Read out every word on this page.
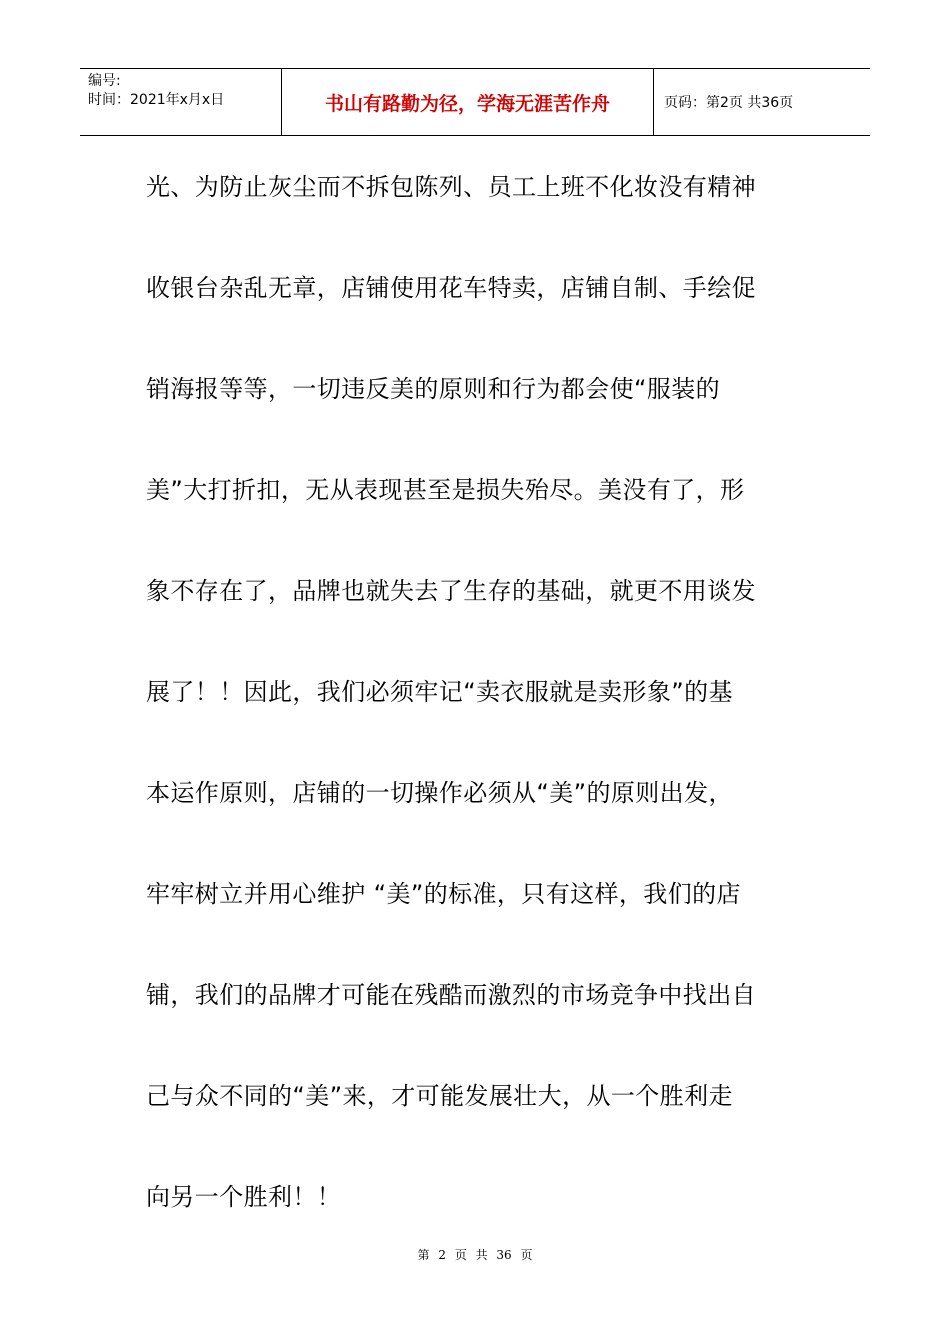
编号:
时间：2021年x月x日	书山有路勤为径，学海无涯苦作舟	页码：第2页 共36页
光、为防止灰尘而不拆包陈列、员工上班不化妆没有精神
收银台杂乱无章，店铺使用花车特卖，店铺自制、手绘促
销海报等等，一切违反美的原则和行为都会使“服装的
美”大打折扣，无从表现甚至是损失殆尽。美没有了，形
象不存在了，品牌也就失去了生存的基础，就更不用谈发
展了！！因此，我们必须牢记“卖衣服就是卖形象”的基
本运作原则，店铺的一切操作必须从“美”的原则出发，
牢牢树立并用心维护 “美”的标准，只有这样，我们的店
铺，我们的品牌才可能在残酷而激烈的市场竞争中找出自
己与众不同的“美”来，才可能发展壮大，从一个胜利走
向另一个胜利！！
第 2 页 共 36 页
